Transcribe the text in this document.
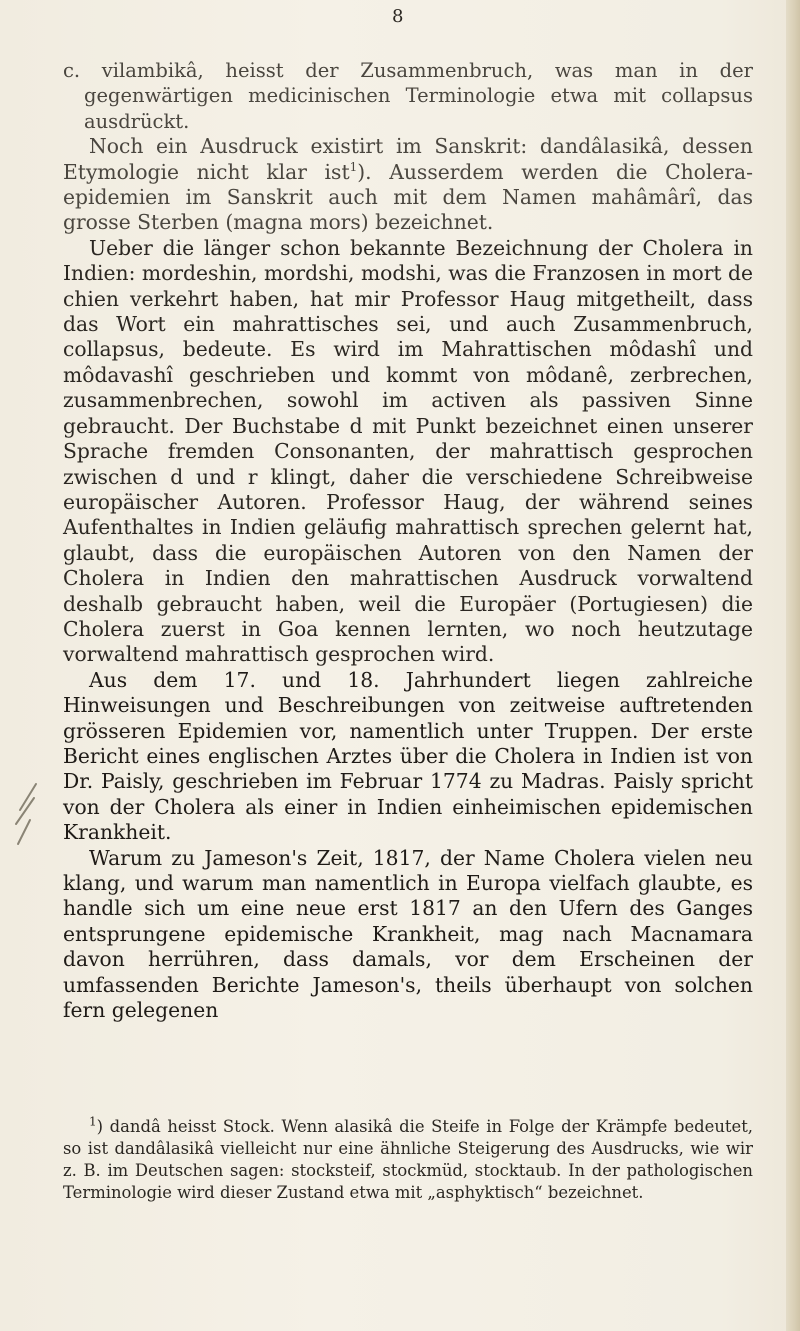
8

c. vilambikâ, heisst der Zusammenbruch, was man in der gegenwärtigen medicinischen Terminologie etwa mit collapsus ausdrückt.

Noch ein Ausdruck existirt im Sanskrit: dandâlasikâ, dessen Etymologie nicht klar ist$^1$). Ausserdem werden die Cholera-epidemien im Sanskrit auch mit dem Namen mahâmârî, das grosse Sterben (magna mors) bezeichnet.

Ueber die länger schon bekannte Bezeichnung der Cholera in Indien: mordeshin, mordshi, modshi, was die Franzosen in mort de chien verkehrt haben, hat mir Professor Haug mitgetheilt, dass das Wort ein mahrattisches sei, und auch Zusammenbruch, collapsus, bedeute. Es wird im Mahrattischen môdashî und môdavashî geschrieben und kommt von môdanê, zerbrechen, zusammenbrechen, sowohl im activen als passiven Sinne gebraucht. Der Buchstabe d mit Punkt bezeichnet einen unserer Sprache fremden Consonanten, der mahrattisch gesprochen zwischen d und r klingt, daher die verschiedene Schreibweise europäischer Autoren. Professor Haug, der während seines Aufenthaltes in Indien geläufig mahrattisch sprechen gelernt hat, glaubt, dass die europäischen Autoren von den Namen der Cholera in Indien den mahrattischen Ausdruck vorwaltend deshalb gebraucht haben, weil die Europäer (Portugiesen) die Cholera zuerst in Goa kennen lernten, wo noch heutzutage vorwaltend mahrattisch gesprochen wird.

Aus dem 17. und 18. Jahrhundert liegen zahlreiche Hinweisungen und Beschreibungen von zeitweise auftretenden grösseren Epidemien vor, namentlich unter Truppen. Der erste Bericht eines englischen Arztes über die Cholera in Indien ist von Dr. Paisly, geschrieben im Februar 1774 zu Madras. Paisly spricht von der Cholera als einer in Indien einheimischen epidemischen Krankheit.

Warum zu Jameson's Zeit, 1817, der Name Cholera vielen neu klang, und warum man namentlich in Europa vielfach glaubte, es handle sich um eine neue erst 1817 an den Ufern des Ganges entsprungene epidemische Krankheit, mag nach Macnamara davon herrühren, dass damals, vor dem Erscheinen der umfassenden Berichte Jameson's, theils überhaupt von solchen fern gelegenen

$^1$) dandâ heisst Stock. Wenn alasikâ die Steife in Folge der Krämpfe bedeutet, so ist dandâlasikâ vielleicht nur eine ähnliche Steigerung des Ausdrucks, wie wir z. B. im Deutschen sagen: stocksteif, stockmüd, stocktaub. In der pathologischen Terminologie wird dieser Zustand etwa mit „asphyktisch“ bezeichnet.
